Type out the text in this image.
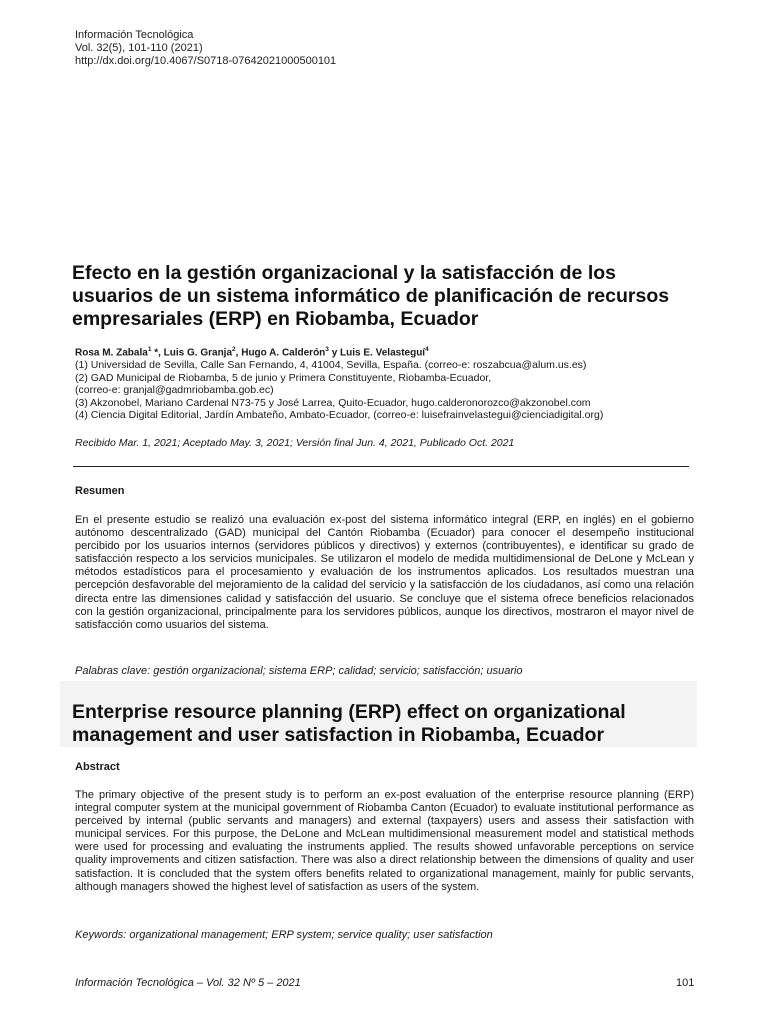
Información Tecnológica
Vol. 32(5), 101-110 (2021)
http://dx.doi.org/10.4067/S0718-07642021000500101
Efecto en la gestión organizacional y la satisfacción de los usuarios de un sistema informático de planificación de recursos empresariales (ERP) en Riobamba, Ecuador
Rosa M. Zabala$^1$ *, Luis G. Granja$^2$, Hugo A. Calderón$^3$ y Luis E. Velasteguí$^4$
(1) Universidad de Sevilla, Calle San Fernando, 4, 41004, Sevilla, España. (correo-e: roszabcua@alum.us.es)
(2) GAD Municipal de Riobamba, 5 de junio y Primera Constituyente, Riobamba-Ecuador,
(correo-e: granjal@gadmriobamba.gob.ec)
(3) Akzonobel, Mariano Cardenal N73-75 y José Larrea, Quito-Ecuador, hugo.calderonorozco@akzonobel.com
(4) Ciencia Digital Editorial, Jardín Ambateño, Ambato-Ecuador, (correo-e: luisefrainvelastegui@cienciadigital.org)
Recibido Mar. 1, 2021; Aceptado May. 3, 2021; Versión final Jun. 4, 2021, Publicado Oct. 2021
Resumen

En el presente estudio se realizó una evaluación ex-post del sistema informático integral (ERP, en inglés) en el gobierno autónomo descentralizado (GAD) municipal del Cantón Riobamba (Ecuador) para conocer el desempeño institucional percibido por los usuarios internos (servidores públicos y directivos) y externos (contribuyentes), e identificar su grado de satisfacción respecto a los servicios municipales. Se utilizaron el modelo de medida multidimensional de DeLone y McLean y métodos estadísticos para el procesamiento y evaluación de los instrumentos aplicados. Los resultados muestran una percepción desfavorable del mejoramiento de la calidad del servicio y la satisfacción de los ciudadanos, así como una relación directa entre las dimensiones calidad y satisfacción del usuario. Se concluye que el sistema ofrece beneficios relacionados con la gestión organizacional, principalmente para los servidores públicos, aunque los directivos, mostraron el mayor nivel de satisfacción como usuarios del sistema.

Palabras clave: gestión organizacional; sistema ERP; calidad; servicio; satisfacción; usuario
Enterprise resource planning (ERP) effect on organizational management and user satisfaction in Riobamba, Ecuador
Abstract

The primary objective of the present study is to perform an ex-post evaluation of the enterprise resource planning (ERP) integral computer system at the municipal government of Riobamba Canton (Ecuador) to evaluate institutional performance as perceived by internal (public servants and managers) and external (taxpayers) users and assess their satisfaction with municipal services. For this purpose, the DeLone and McLean multidimensional measurement model and statistical methods were used for processing and evaluating the instruments applied. The results showed unfavorable perceptions on service quality improvements and citizen satisfaction. There was also a direct relationship between the dimensions of quality and user satisfaction. It is concluded that the system offers benefits related to organizational management, mainly for public servants, although managers showed the highest level of satisfaction as users of the system.

Keywords: organizational management; ERP system; service quality; user satisfaction
Información Tecnológica – Vol. 32 Nº 5 – 2021	101
